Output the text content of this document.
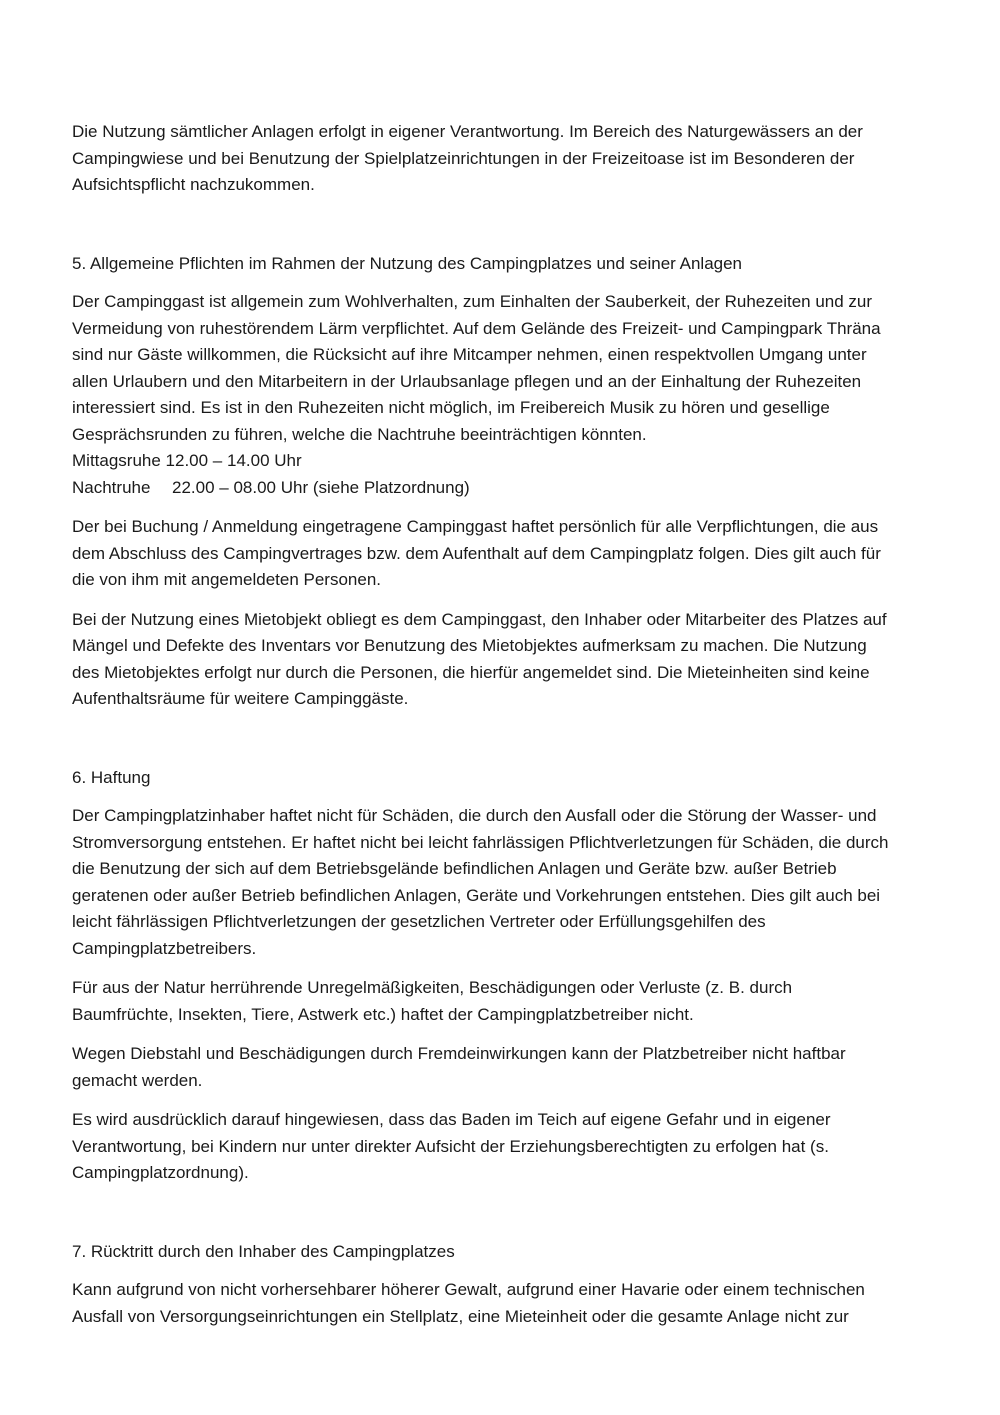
Die Nutzung sämtlicher Anlagen erfolgt in eigener Verantwortung. Im Bereich des Naturgewässers an der
Campingwiese und bei Benutzung der Spielplatzeinrichtungen in der Freizeitoase ist im Besonderen der
Aufsichtspflicht nachzukommen.

5. Allgemeine Pflichten im Rahmen der Nutzung des Campingplatzes und seiner Anlagen

Der Campinggast ist allgemein zum Wohlverhalten, zum Einhalten der Sauberkeit, der Ruhezeiten und zur
Vermeidung von ruhestörendem Lärm verpflichtet. Auf dem Gelände des Freizeit- und Campingpark Thräna
sind nur Gäste willkommen, die Rücksicht auf ihre Mitcamper nehmen, einen respektvollen Umgang unter
allen Urlaubern und den Mitarbeitern in der Urlaubsanlage pflegen und an der Einhaltung der Ruhezeiten
interessiert sind. Es ist in den Ruhezeiten nicht möglich, im Freibereich Musik zu hören und gesellige
Gesprächsrunden zu führen, welche die Nachtruhe beeinträchtigen könnten.
Mittagsruhe 12.00 – 14.00 Uhr
Nachtruhe 22.00 – 08.00 Uhr (siehe Platzordnung)

Der bei Buchung / Anmeldung eingetragene Campinggast haftet persönlich für alle Verpflichtungen, die aus
dem Abschluss des Campingvertrages bzw. dem Aufenthalt auf dem Campingplatz folgen. Dies gilt auch für
die von ihm mit angemeldeten Personen.

Bei der Nutzung eines Mietobjekt obliegt es dem Campinggast, den Inhaber oder Mitarbeiter des Platzes auf
Mängel und Defekte des Inventars vor Benutzung des Mietobjektes aufmerksam zu machen. Die Nutzung
des Mietobjektes erfolgt nur durch die Personen, die hierfür angemeldet sind. Die Mieteinheiten sind keine
Aufenthaltsräume für weitere Campinggäste.

6. Haftung

Der Campingplatzinhaber haftet nicht für Schäden, die durch den Ausfall oder die Störung der Wasser- und
Stromversorgung entstehen. Er haftet nicht bei leicht fahrlässigen Pflichtverletzungen für Schäden, die durch
die Benutzung der sich auf dem Betriebsgelände befindlichen Anlagen und Geräte bzw. außer Betrieb
geratenen oder außer Betrieb befindlichen Anlagen, Geräte und Vorkehrungen entstehen. Dies gilt auch bei
leicht fährlässigen Pflichtverletzungen der gesetzlichen Vertreter oder Erfüllungsgehilfen des
Campingplatzbetreibers.

Für aus der Natur herrührende Unregelmäßigkeiten, Beschädigungen oder Verluste (z. B. durch
Baumfrüchte, Insekten, Tiere, Astwerk etc.) haftet der Campingplatzbetreiber nicht.

Wegen Diebstahl und Beschädigungen durch Fremdeinwirkungen kann der Platzbetreiber nicht haftbar
gemacht werden.

Es wird ausdrücklich darauf hingewiesen, dass das Baden im Teich auf eigene Gefahr und in eigener
Verantwortung, bei Kindern nur unter direkter Aufsicht der Erziehungsberechtigten zu erfolgen hat (s.
Campingplatzordnung).

7. Rücktritt durch den Inhaber des Campingplatzes

Kann aufgrund von nicht vorhersehbarer höherer Gewalt, aufgrund einer Havarie oder einem technischen
Ausfall von Versorgungseinrichtungen ein Stellplatz, eine Mieteinheit oder die gesamte Anlage nicht zur
